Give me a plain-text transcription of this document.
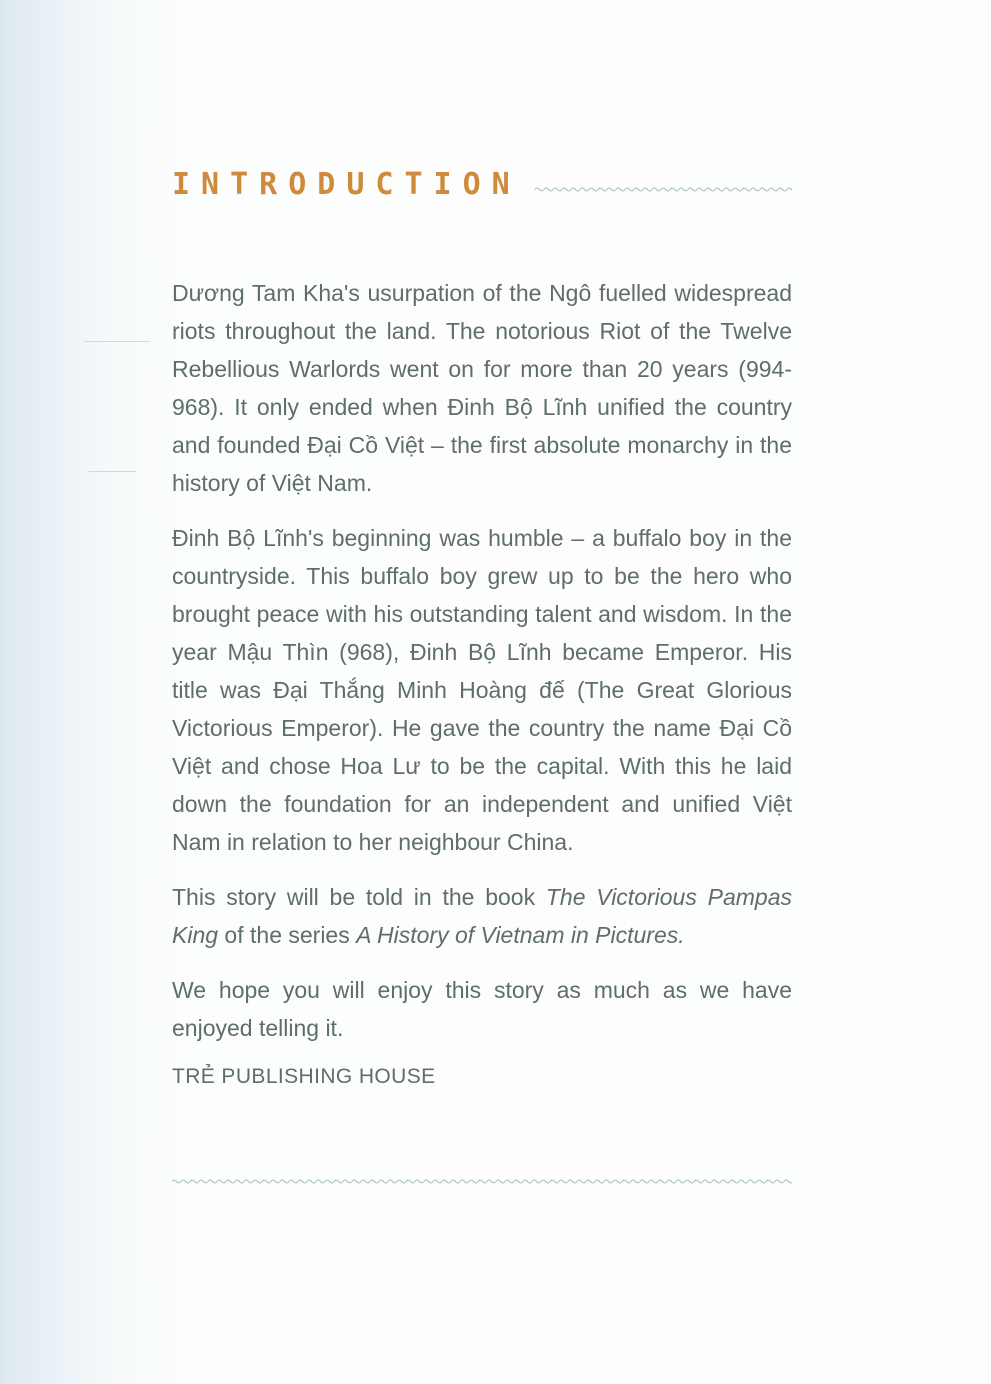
INTRODUCTION

Dương Tam Kha's usurpation of the Ngô fuelled widespread riots throughout the land. The notorious Riot of the Twelve Rebellious Warlords went on for more than 20 years (994-968). It only ended when Đinh Bộ Lĩnh unified the country and founded Đại Cồ Việt – the first absolute monarchy in the history of Việt Nam.

Đinh Bộ Lĩnh's beginning was humble – a buffalo boy in the countryside. This buffalo boy grew up to be the hero who brought peace with his outstanding talent and wisdom. In the year Mậu Thìn (968), Đinh Bộ Lĩnh became Emperor. His title was Đại Thắng Minh Hoàng đế (The Great Glorious Victorious Emperor). He gave the country the name Đại Cồ Việt and chose Hoa Lư to be the capital. With this he laid down the foundation for an independent and unified Việt Nam in relation to her neighbour China.

This story will be told in the book The Victorious Pampas King of the series A History of Vietnam in Pictures.

We hope you will enjoy this story as much as we have enjoyed telling it.

TRẺ PUBLISHING HOUSE
